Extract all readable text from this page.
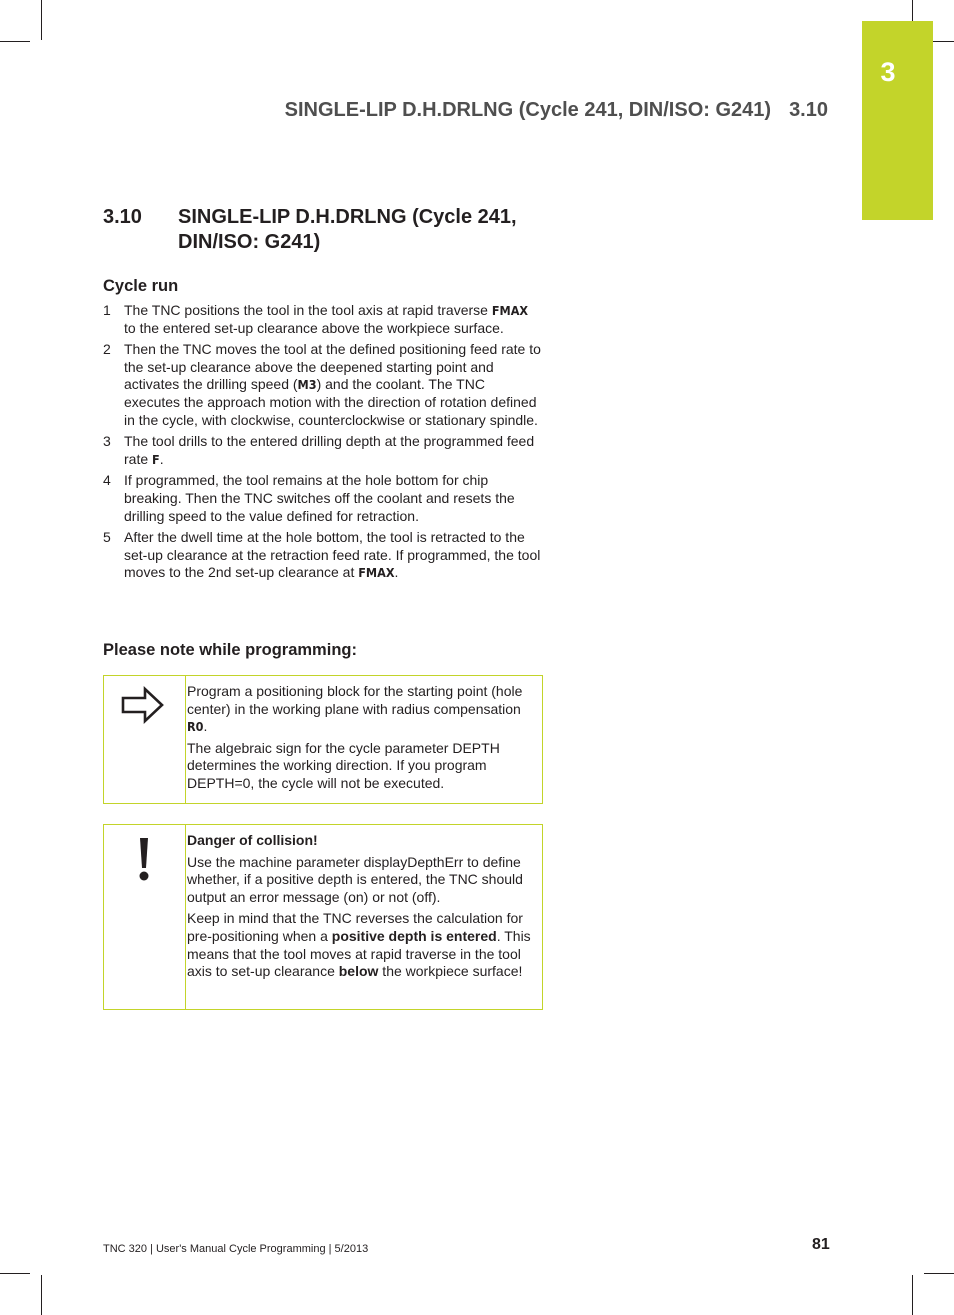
3
SINGLE-LIP D.H.DRLNG (Cycle 241, DIN/ISO: G241) 3.10
3.10 SINGLE-LIP D.H.DRLNG (Cycle 241, DIN/ISO: G241)
Cycle run
1 The TNC positions the tool in the tool axis at rapid traverse FMAX to the entered set-up clearance above the workpiece surface.
2 Then the TNC moves the tool at the defined positioning feed rate to the set-up clearance above the deepened starting point and activates the drilling speed (M3) and the coolant. The TNC executes the approach motion with the direction of rotation defined in the cycle, with clockwise, counterclockwise or stationary spindle.
3 The tool drills to the entered drilling depth at the programmed feed rate F.
4 If programmed, the tool remains at the hole bottom for chip breaking. Then the TNC switches off the coolant and resets the drilling speed to the value defined for retraction.
5 After the dwell time at the hole bottom, the tool is retracted to the set-up clearance at the retraction feed rate. If programmed, the tool moves to the 2nd set-up clearance at FMAX.
Please note while programming:

Program a positioning block for the starting point (hole center) in the working plane with radius compensation R0.

The algebraic sign for the cycle parameter DEPTH determines the working direction. If you program DEPTH=0, the cycle will not be executed.

Danger of collision!

Use the machine parameter displayDepthErr to define whether, if a positive depth is entered, the TNC should output an error message (on) or not (off).

Keep in mind that the TNC reverses the calculation for pre-positioning when a positive depth is entered. This means that the tool moves at rapid traverse in the tool axis to set-up clearance below the workpiece surface!

TNC 320 | User's Manual Cycle Programming | 5/2013	81
